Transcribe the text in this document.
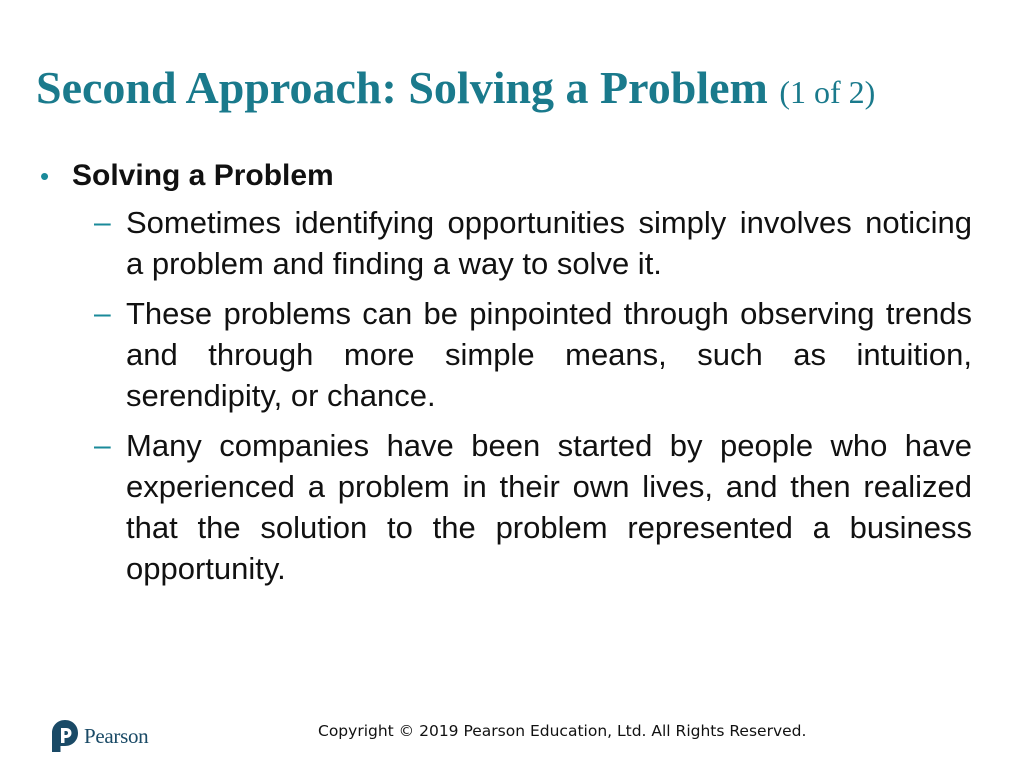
Second Approach: Solving a Problem (1 of 2)
• Solving a Problem
– Sometimes identifying opportunities simply involves noticing a problem and finding a way to solve it.
– These problems can be pinpointed through observing trends and through more simple means, such as intuition, serendipity, or chance.
– Many companies have been started by people who have experienced a problem in their own lives, and then realized that the solution to the problem represented a business opportunity.
Pearson	Copyright © 2019 Pearson Education, Ltd. All Rights Reserved.
